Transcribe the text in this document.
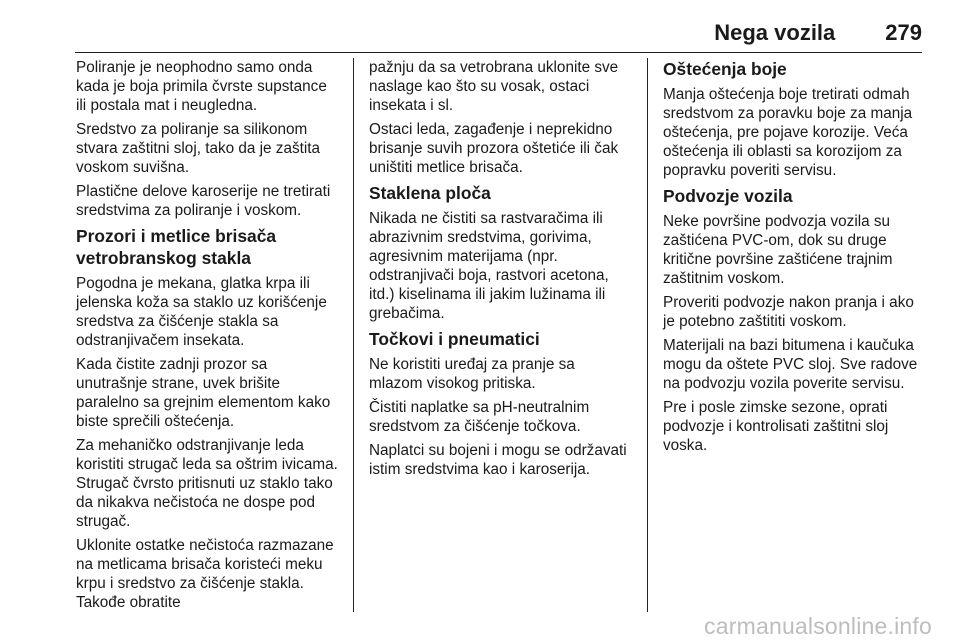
Nega vozila 279

Poliranje je neophodno samo onda kada je boja primila čvrste supstance ili postala mat i neugledna.

Sredstvo za poliranje sa silikonom stvara zaštitni sloj, tako da je zaštita voskom suvišna.

Plastične delove karoserije ne tretirati sredstvima za poliranje i voskom.

Prozori i metlice brisača vetrobranskog stakla

Pogodna je mekana, glatka krpa ili jelenska koža sa staklo uz korišćenje sredstva za čišćenje stakla sa odstranjivačem insekata.

Kada čistite zadnji prozor sa unutrašnje strane, uvek brišite paralelno sa grejnim elementom kako biste sprečili oštećenja.

Za mehaničko odstranjivanje leda koristiti strugač leda sa oštrim ivicama. Strugač čvrsto pritisnuti uz staklo tako da nikakva nečistoća ne dospe pod strugač.

Uklonite ostatke nečistoća razmazane na metlicama brisača koristeći meku krpu i sredstvo za čišćenje stakla. Takođe obratite

pažnju da sa vetrobrana uklonite sve naslage kao što su vosak, ostaci insekata i sl.

Ostaci leda, zagađenje i neprekidno brisanje suvih prozora oštetiće ili čak uništiti metlice brisača.

Staklena ploča

Nikada ne čistiti sa rastvaračima ili abrazivnim sredstvima, gorivima, agresivnim materijama (npr. odstranjivači boja, rastvori acetona, itd.) kiselinama ili jakim lužinama ili grebačima.

Točkovi i pneumatici

Ne koristiti uređaj za pranje sa mlazom visokog pritiska.

Čistiti naplatke sa pH-neutralnim sredstvom za čišćenje točkova.

Naplatci su bojeni i mogu se održavati istim sredstvima kao i karoserija.

Oštećenja boje

Manja oštećenja boje tretirati odmah sredstvom za poravku boje za manja oštećenja, pre pojave korozije. Veća oštećenja ili oblasti sa korozijom za popravku poveriti servisu.

Podvozje vozila

Neke površine podvozja vozila su zaštićena PVC-om, dok su druge kritične površine zaštićene trajnim zaštitnim voskom.

Proveriti podvozje nakon pranja i ako je potebno zaštititi voskom.

Materijali na bazi bitumena i kaučuka mogu da oštete PVC sloj. Sve radove na podvozju vozila poverite servisu.

Pre i posle zimske sezone, oprati podvozje i kontrolisati zaštitni sloj voska.

carmanualsonline.info
